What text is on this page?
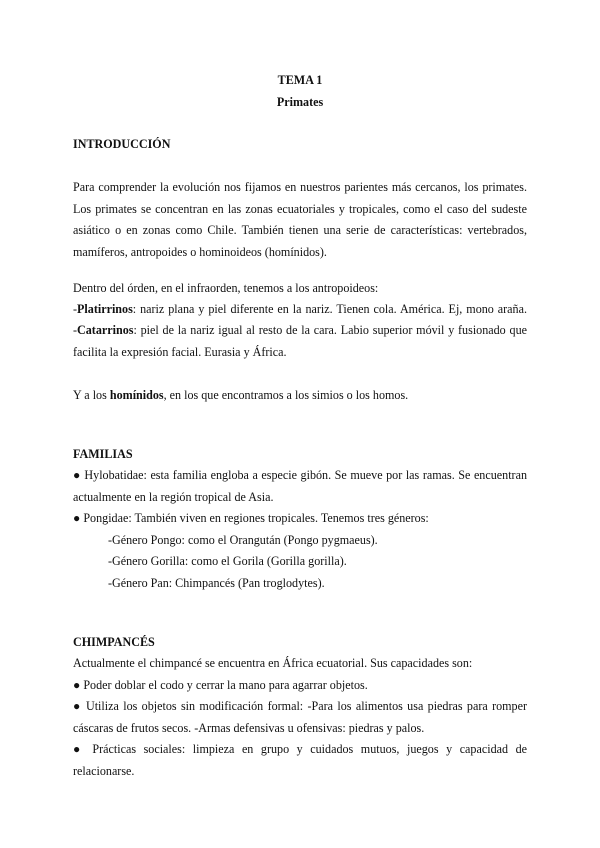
TEMA 1
Primates
INTRODUCCIÓN
Para comprender la evolución nos fijamos en nuestros parientes más cercanos, los primates.
Los primates se concentran en las zonas ecuatoriales y tropicales, como el caso del sudeste
asiático o en zonas como Chile. También tienen una serie de características: vertebrados,
mamíferos, antropoides o hominoideos (homínidos).
Dentro del órden, en el infraorden, tenemos a los antropoideos:
-Platirrinos: nariz plana y piel diferente en la nariz. Tienen cola. América. Ej, mono araña.
-Catarrinos: piel de la nariz igual al resto de la cara. Labio superior móvil y fusionado que
facilita la expresión facial. Eurasia y África.
Y a los homínidos, en los que encontramos a los simios o los homos.
FAMILIAS
● Hylobatidae: esta familia engloba a especie gibón. Se mueve por las ramas. Se encuentran
actualmente en la región tropical de Asia.
● Pongidae: También viven en regiones tropicales. Tenemos tres géneros:
-Género Pongo: como el Orangután (Pongo pygmaeus).
-Género Gorilla: como el Gorila (Gorilla gorilla).
-Género Pan: Chimpancés (Pan troglodytes).
CHIMPANCÉS
Actualmente el chimpancé se encuentra en África ecuatorial. Sus capacidades son:
● Poder doblar el codo y cerrar la mano para agarrar objetos.
● Utiliza los objetos sin modificación formal: -Para los alimentos usa piedras para romper
cáscaras de frutos secos. -Armas defensivas u ofensivas: piedras y palos.
● Prácticas sociales: limpieza en grupo y cuidados mutuos, juegos y capacidad de
relacionarse.
